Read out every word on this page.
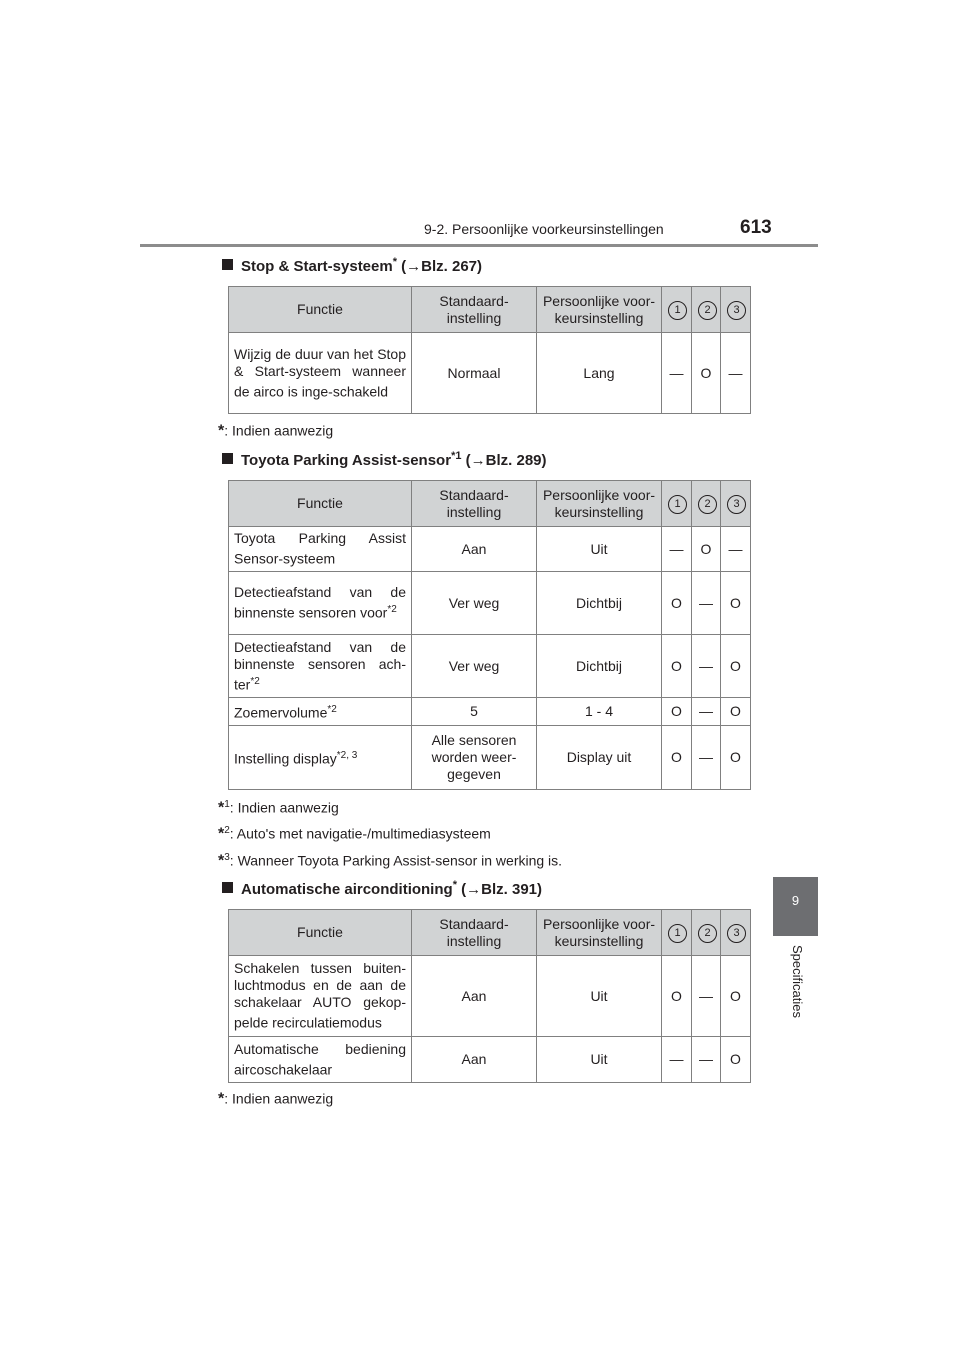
9-2. Persoonlijke voorkeursinstellingen	613
9
Specificaties
Stop & Start-systeem* (→Blz. 267)
Functie	Standaard-instelling	Persoonlijke voor-keursinstelling	1	2	3
Wijzig de duur van het Stop & Start-systeem wanneer de airco is inge-schakeld	Normaal	Lang	—	O	—
*: Indien aanwezig
Toyota Parking Assist-sensor$^{*1}$ (→Blz. 289)
Functie	Standaard-instelling	Persoonlijke voor-keursinstelling	1	2	3
Toyota Parking Assist Sensor-systeem	Aan	Uit	—	O	—
Detectieafstand van de binnenste sensoren voor$^{*2}$	Ver weg	Dichtbij	O	—	O
Detectieafstand van de binnenste sensoren ach-ter$^{*2}$	Ver weg	Dichtbij	O	—	O
Zoemervolume$^{*2}$	5	1 - 4	O	—	O
Instelling display$^{*2, 3}$	Alle sensoren worden weer-gegeven	Display uit	O	—	O
*$^1$: Indien aanwezig
*$^2$: Auto's met navigatie-/multimediasysteem
*$^3$: Wanneer Toyota Parking Assist-sensor in werking is.
Automatische airconditioning* (→Blz. 391)
Functie	Standaard-instelling	Persoonlijke voor-keursinstelling	1	2	3
Schakelen tussen buiten-luchtmodus en de aan de schakelaar AUTO gekop-pelde recirculatiemodus	Aan	Uit	O	—	O
Automatische bediening aircoschakelaar	Aan	Uit	—	—	O
*: Indien aanwezig
